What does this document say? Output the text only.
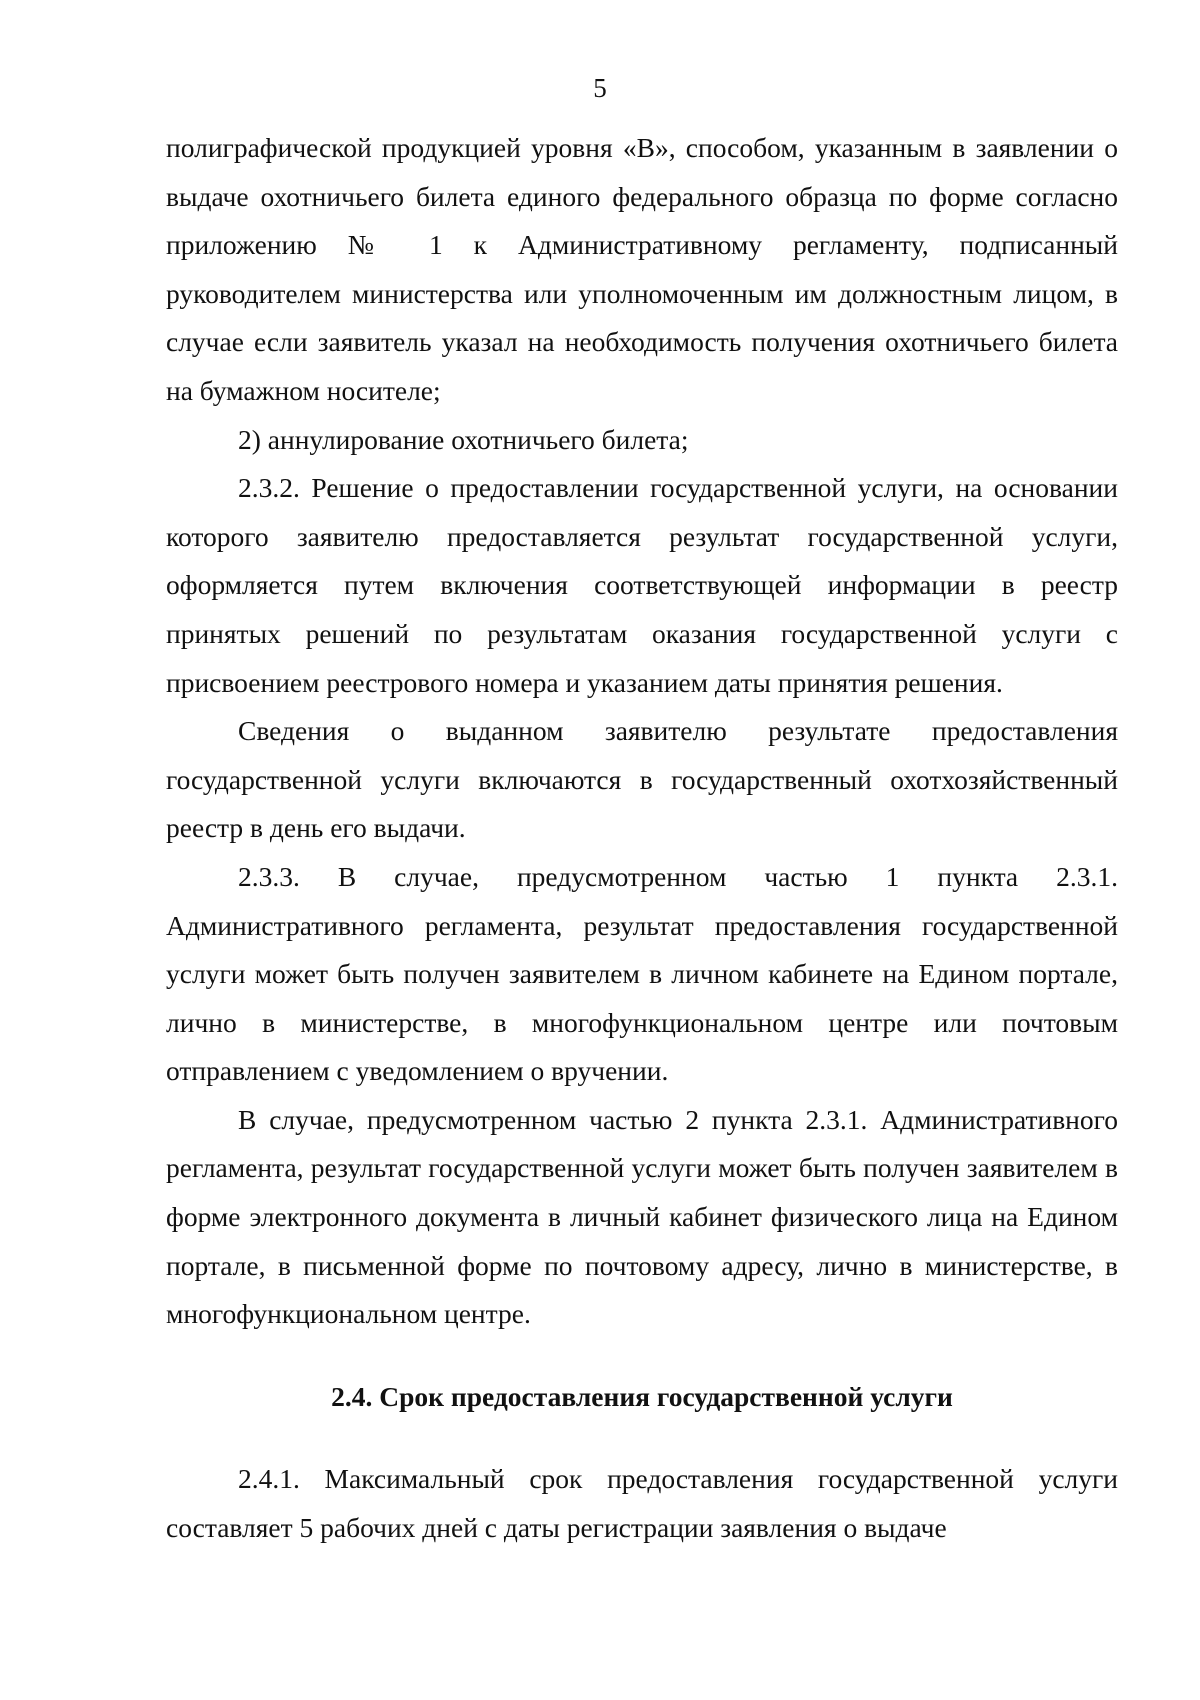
5

полиграфической продукцией уровня «В», способом, указанным в заявлении о выдаче охотничьего билета единого федерального образца по форме согласно приложению № 1 к Административному регламенту, подписанный руководителем министерства или уполномоченным им должностным лицом, в случае если заявитель указал на необходимость получения охотничьего билета на бумажном носителе;

2) аннулирование охотничьего билета;

2.3.2. Решение о предоставлении государственной услуги, на основании которого заявителю предоставляется результат государственной услуги, оформляется путем включения соответствующей информации в реестр принятых решений по результатам оказания государственной услуги с присвоением реестрового номера и указанием даты принятия решения.

Сведения о выданном заявителю результате предоставления государственной услуги включаются в государственный охотхозяйственный реестр в день его выдачи.

2.3.3. В случае, предусмотренном частью 1 пункта 2.3.1. Административного регламента, результат предоставления государственной услуги может быть получен заявителем в личном кабинете на Едином портале, лично в министерстве, в многофункциональном центре или почтовым отправлением с уведомлением о вручении.

В случае, предусмотренном частью 2 пункта 2.3.1. Административного регламента, результат государственной услуги может быть получен заявителем в форме электронного документа в личный кабинет физического лица на Едином портале, в письменной форме по почтовому адресу, лично в министерстве, в многофункциональном центре.

2.4. Срок предоставления государственной услуги

2.4.1. Максимальный срок предоставления государственной услуги составляет 5 рабочих дней с даты регистрации заявления о выдаче
